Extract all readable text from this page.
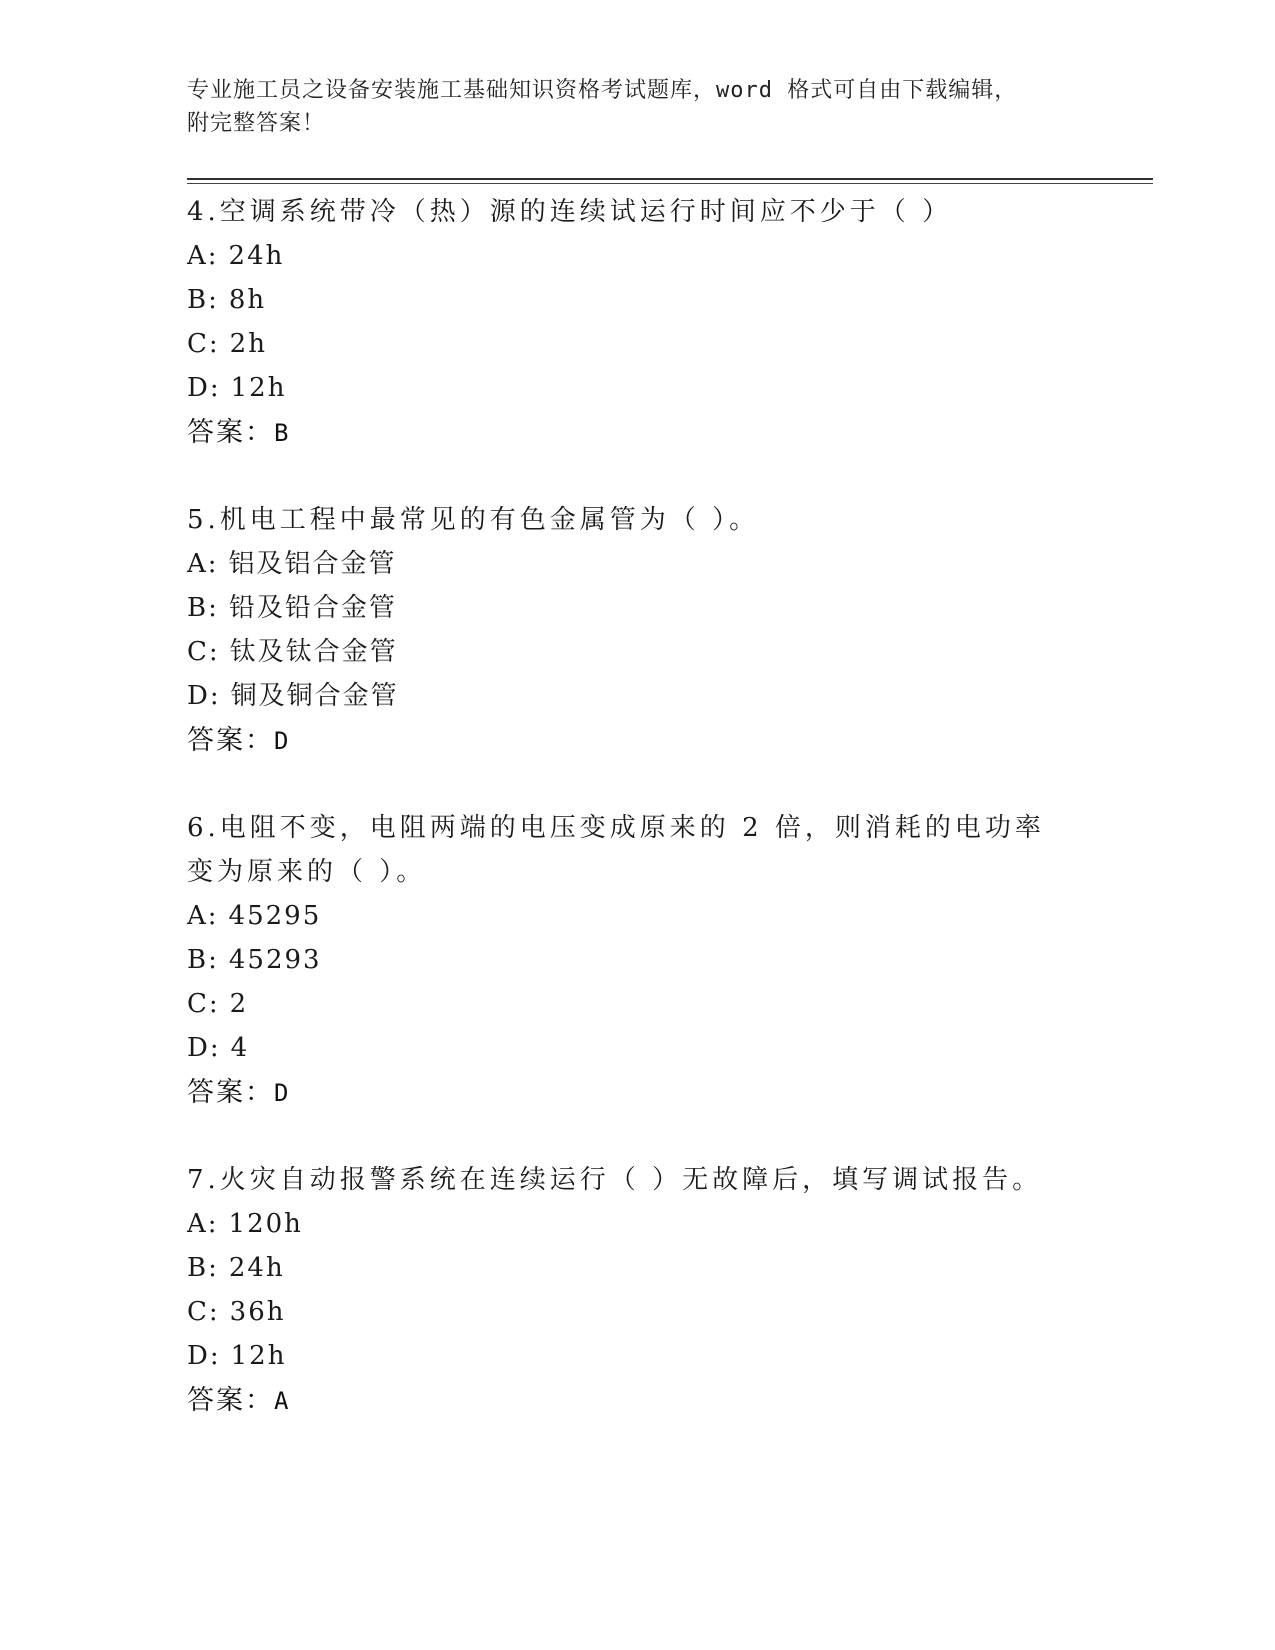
专业施工员之设备安装施工基础知识资格考试题库，word 格式可自由下载编辑，
附完整答案！

4.空调系统带冷（热）源的连续试运行时间应不少于（ ）

A: 24h

B: 8h

C: 2h

D: 12h

答案：B

5.机电工程中最常见的有色金属管为（ ）。

A: 铝及铝合金管

B: 铅及铅合金管

C: 钛及钛合金管

D: 铜及铜合金管

答案：D

6.电阻不变，电阻两端的电压变成原来的 2 倍，则消耗的电功率变为原来的（ ）。

A: 45295

B: 45293

C: 2

D: 4

答案：D

7.火灾自动报警系统在连续运行（ ）无故障后，填写调试报告。

A: 120h

B: 24h

C: 36h

D: 12h

答案：A
